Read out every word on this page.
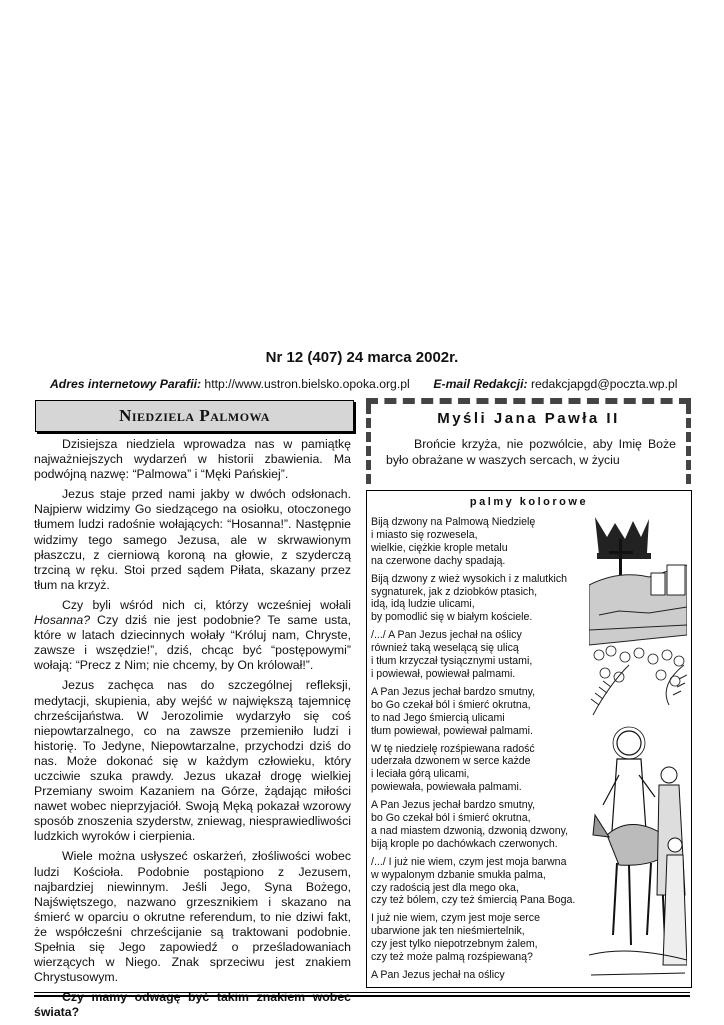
Nr 12 (407) 24 marca 2002r.
Adres internetowy Parafii: http://www.ustron.bielsko.opoka.org.pl E-mail Redakcji: redakcjapgd@poczta.wp.pl
Niedziela Palmowa

Dzisiejsza niedziela wprowadza nas w pamiątkę najważniejszych wydarzeń w historii zbawienia. Ma podwójną nazwę: “Palmowa” i “Męki Pańskiej”.

Jezus staje przed nami jakby w dwóch odsłonach. Najpierw widzimy Go siedzącego na osiołku, otoczonego tłumem ludzi radośnie wołających: “Hosanna!”. Następnie widzimy tego samego Jezusa, ale w skrwawionym płaszczu, z cierniową koroną na głowie, z szyderczą trzciną w ręku. Stoi przed sądem Piłata, skazany przez tłum na krzyż.

Czy byli wśród nich ci, którzy wcześniej wołali Hosanna? Czy dziś nie jest podobnie? Te same usta, które w latach dziecinnych wołały “Króluj nam, Chryste, zawsze i wszędzie!”, dziś, chcąc być “postępowymi” wołają: “Precz z Nim; nie chcemy, by On królował!”.

Jezus zachęca nas do szczególnej refleksji, medytacji, skupienia, aby wejść w największą tajemnicę chrześcijaństwa. W Jerozolimie wydarzyło się coś niepowtarzalnego, co na zawsze przemieniło ludzi i historię. To Jedyne, Niepowtarzalne, przychodzi dziś do nas. Może dokonać się w każdym człowieku, który uczciwie szuka prawdy. Jezus ukazał drogę wielkiej Przemiany swoim Kazaniem na Górze, żądając miłości nawet wobec nieprzyjaciół. Swoją Męką pokazał wzorowy sposób znoszenia szyderstw, zniewag, niesprawiedliwości ludzkich wyroków i cierpienia.

Wiele można usłyszeć oskarżeń, złośliwości wobec ludzi Kościoła. Podobnie postąpiono z Jezusem, najbardziej niewinnym. Jeśli Jego, Syna Bożego, Najświętszego, nazwano grzesznikiem i skazano na śmierć w oparciu o okrutne referendum, to nie dziwi fakt, że współcześni chrześcijanie są traktowani podobnie. Spełnia się Jego zapowiedź o prześladowaniach wierzących w Niego. Znak sprzeciwu jest znakiem Chrystusowym.

Czy mamy odwagę być takim znakiem wobec świata?

Myśli Jana Pawła II
Brońcie krzyża, nie pozwólcie, aby Imię Boże było obrażane w waszych sercach, w życiu
palmy kolorowe
Biją dzwony na Palmową Niedzielę
i miasto się rozwesela,
wielkie, ciężkie krople metalu
na czerwone dachy spadają.
Biją dzwony z wież wysokich i z malutkich
sygnaturek, jak z dziobków ptasich,
idą, idą ludzie ulicami,
by pomodlić się w białym kościele.
/.../ A Pan Jezus jechał na oślicy
również taką weselącą się ulicą
i tłum krzyczał tysiącznymi ustami,
i powiewał, powiewał palmami.
A Pan Jezus jechał bardzo smutny,
bo Go czekał ból i śmierć okrutna,
to nad Jego śmiercią ulicami
tłum powiewał, powiewał palmami.
W tę niedzielę rozśpiewana radość
uderzała dzwonem w serce każde
i leciała górą ulicami,
powiewała, powiewała palmami.
A Pan Jezus jechał bardzo smutny,
bo Go czekał ból i śmierć okrutna,
a nad miastem dzwonią, dzwonią dzwony,
biją krople po dachówkach czerwonych.
/.../ I już nie wiem, czym jest moja barwna
w wypalonym dzbanie smukła palma,
czy radością jest dla mego oka,
czy też bólem, czy też śmiercią Pana Boga.
I już nie wiem, czym jest moje serce
ubarwione jak ten nieśmiertelnik,
czy jest tylko niepotrzebnym żalem,
czy też może palmą rozśpiewaną?
A Pan Jezus jechał na oślicy
